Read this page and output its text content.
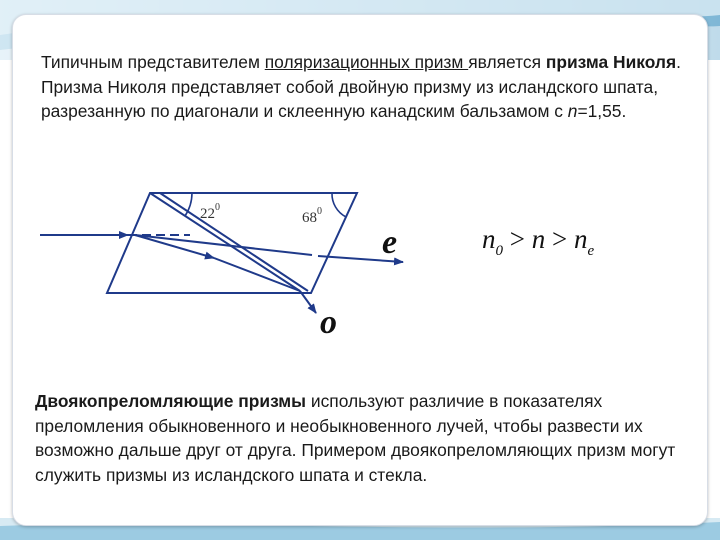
Типичным представителем поляризационных призм является призма Николя. Призма Николя представляет собой двойную призму из исландского шпата, разрезанную по диагонали и склеенную канадским бальзамом с n=1,55.
$22^0$
$68^0$
e
o
$n_0 > n > n_e$
Двоякопреломляющие призмы используют различие в показателях преломления обыкновенного и необыкновенного лучей, чтобы развести их возможно дальше друг от друга. Примером двоякопреломляющих призм могут служить призмы из исландского шпата и стекла.
